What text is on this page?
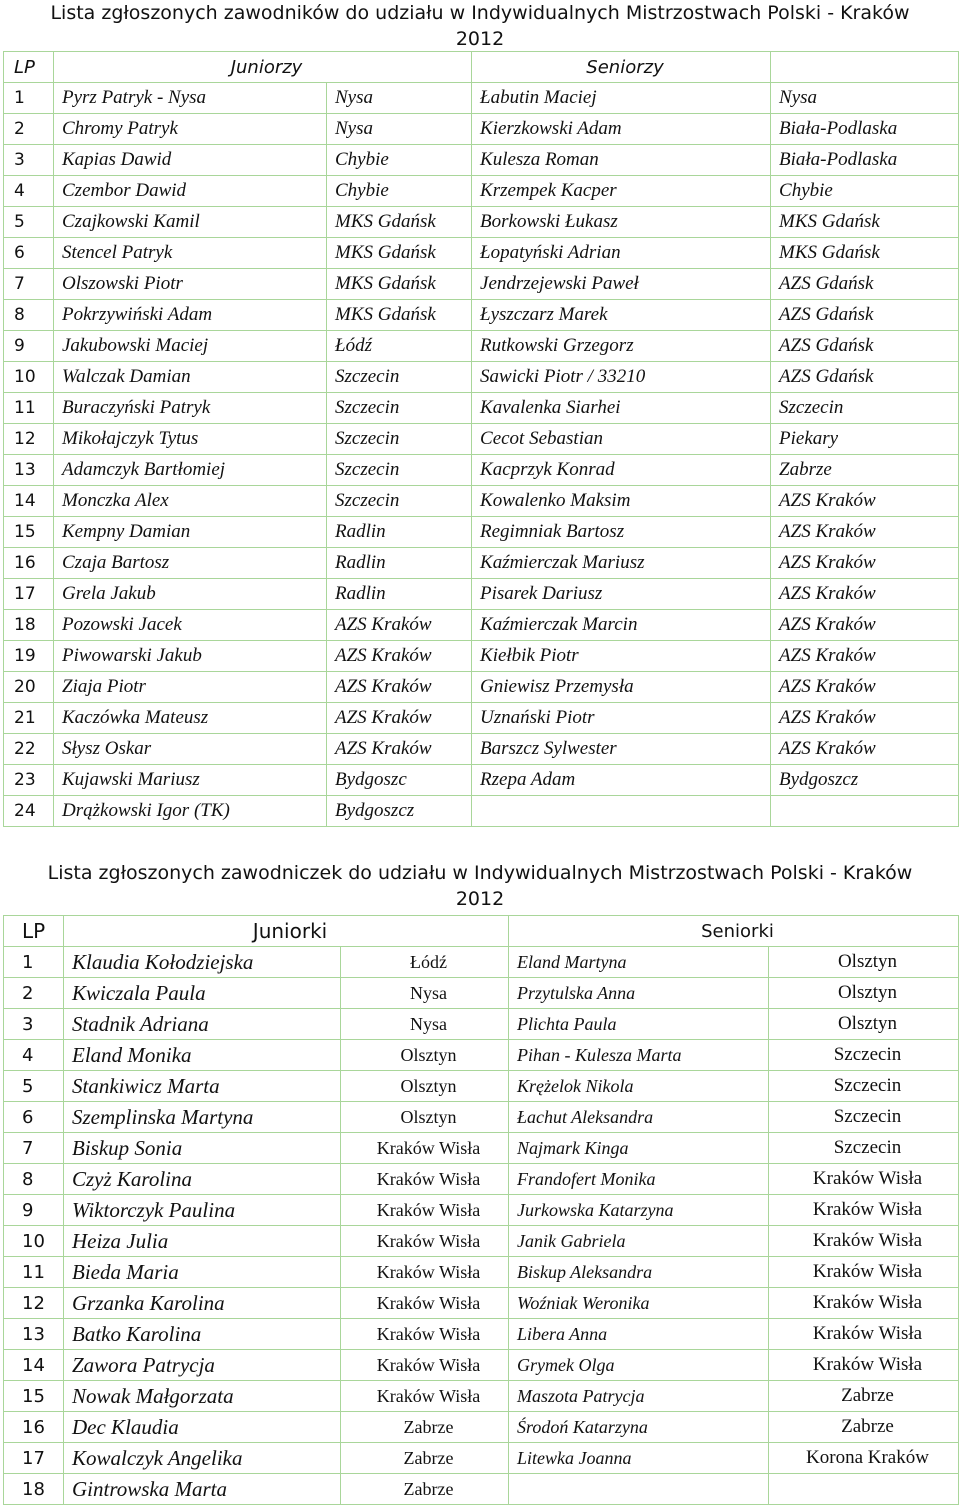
Lista zgłoszonych zawodników do udziału w Indywidualnych Mistrzostwach Polski - Kraków
2012
LP	Juniorzy		Seniorzy	
1	Pyrz Patryk - Nysa	Nysa	Łabutin Maciej	Nysa
2	Chromy Patryk	Nysa	Kierzkowski Adam	Biała-Podlaska
3	Kapias Dawid	Chybie	Kulesza Roman	Biała-Podlaska
4	Czembor Dawid	Chybie	Krzempek Kacper	Chybie
5	Czajkowski Kamil	MKS Gdańsk	Borkowski Łukasz	MKS Gdańsk
6	Stencel Patryk	MKS Gdańsk	Łopatyński Adrian	MKS Gdańsk
7	Olszowski Piotr	MKS Gdańsk	Jendrzejewski Paweł	AZS Gdańsk
8	Pokrzywiński Adam	MKS Gdańsk	Łyszczarz Marek	AZS Gdańsk
9	Jakubowski Maciej	Łódź	Rutkowski Grzegorz	AZS Gdańsk
10	Walczak Damian	Szczecin	Sawicki Piotr / 33210	AZS Gdańsk
11	Buraczyński Patryk	Szczecin	Kavalenka Siarhei	Szczecin
12	Mikołajczyk Tytus	Szczecin	Cecot Sebastian	Piekary
13	Adamczyk Bartłomiej	Szczecin	Kacprzyk Konrad	Zabrze
14	Monczka Alex	Szczecin	Kowalenko Maksim	AZS Kraków
15	Kempny Damian	Radlin	Regimniak Bartosz	AZS Kraków
16	Czaja Bartosz	Radlin	Kaźmierczak Mariusz	AZS Kraków
17	Grela Jakub	Radlin	Pisarek Dariusz	AZS Kraków
18	Pozowski Jacek	AZS Kraków	Kaźmierczak Marcin	AZS Kraków
19	Piwowarski Jakub	AZS Kraków	Kiełbik Piotr	AZS Kraków
20	Ziaja Piotr	AZS Kraków	Gniewisz Przemysła	AZS Kraków
21	Kaczówka Mateusz	AZS Kraków	Uznański Piotr	AZS Kraków
22	Słysz Oskar	AZS Kraków	Barszcz Sylwester	AZS Kraków
23	Kujawski Mariusz	Bydgoszc	Rzepa Adam	Bydgoszcz
24	Drążkowski Igor (TK)	Bydgoszcz		
Lista zgłoszonych zawodniczek do udziału w Indywidualnych Mistrzostwach Polski - Kraków
2012
LP	Juniorki		Seniorki	
1	Klaudia Kołodziejska	Łódź	Eland Martyna	Olsztyn
2	Kwiczala Paula	Nysa	Przytulska Anna	Olsztyn
3	Stadnik Adriana	Nysa	Plichta Paula	Olsztyn
4	Eland Monika	Olsztyn	Pihan - Kulesza Marta	Szczecin
5	Stankiwicz Marta	Olsztyn	Krężelok Nikola	Szczecin
6	Szemplinska Martyna	Olsztyn	Łachut Aleksandra	Szczecin
7	Biskup Sonia	Kraków Wisła	Najmark Kinga	Szczecin
8	Czyż Karolina	Kraków Wisła	Frandofert Monika	Kraków Wisła
9	Wiktorczyk Paulina	Kraków Wisła	Jurkowska Katarzyna	Kraków Wisła
10	Heiza Julia	Kraków Wisła	Janik Gabriela	Kraków Wisła
11	Bieda Maria	Kraków Wisła	Biskup Aleksandra	Kraków Wisła
12	Grzanka Karolina	Kraków Wisła	Woźniak Weronika	Kraków Wisła
13	Batko Karolina	Kraków Wisła	Libera Anna	Kraków Wisła
14	Zawora Patrycja	Kraków Wisła	Grymek Olga	Kraków Wisła
15	Nowak Małgorzata	Kraków Wisła	Maszota Patrycja	Zabrze
16	Dec Klaudia	Zabrze	Środoń Katarzyna	Zabrze
17	Kowalczyk Angelika	Zabrze	Litewka Joanna	Korona Kraków
18	Gintrowska Marta	Zabrze		
